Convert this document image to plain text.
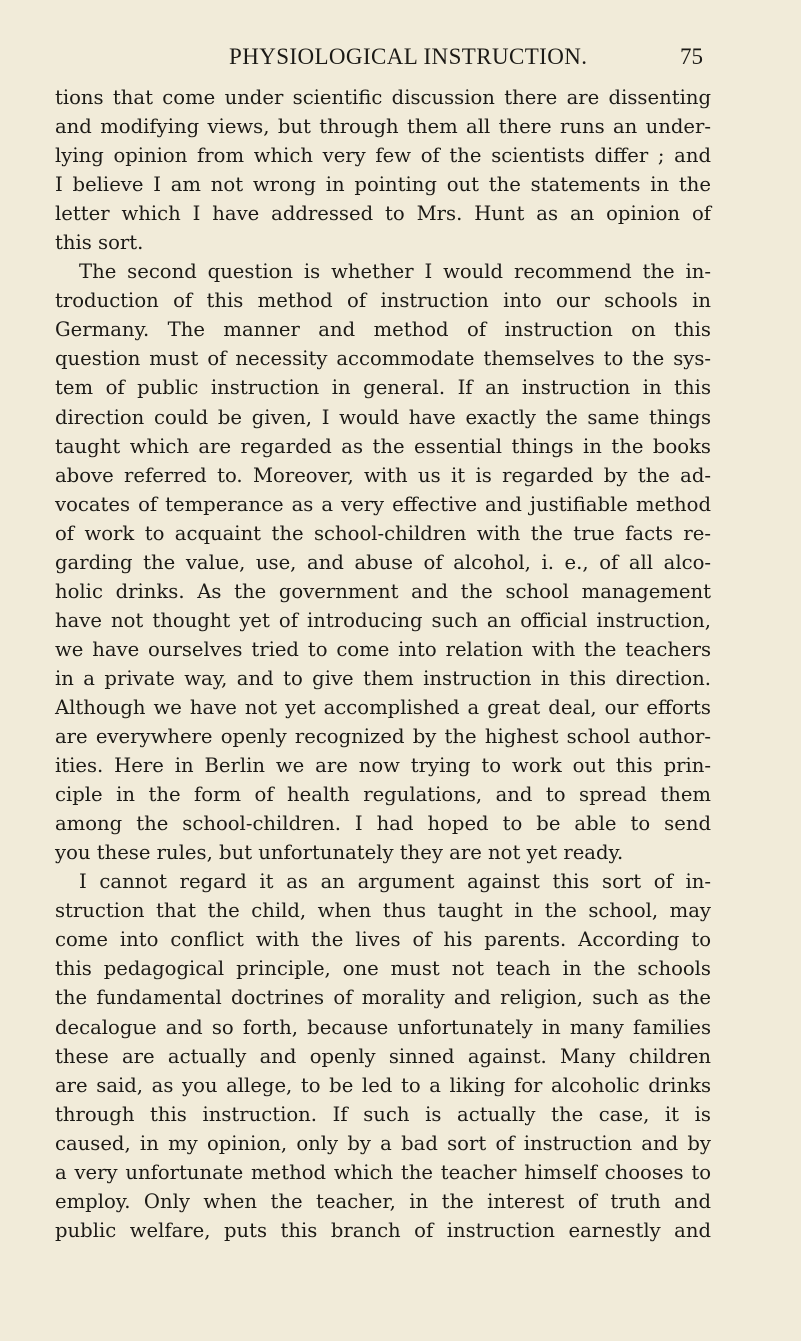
PHYSIOLOGICAL INSTRUCTION.	75
tions that come under scientific discussion there are dissenting
and modifying views, but through them all there runs an under-
lying opinion from which very few of the scientists differ ; and
I believe I am not wrong in pointing out the statements in the
letter which I have addressed to Mrs. Hunt as an opinion of
this sort.
The second question is whether I would recommend the in-
troduction of this method of instruction into our schools in
Germany. The manner and method of instruction on this
question must of necessity accommodate themselves to the sys-
tem of public instruction in general. If an instruction in this
direction could be given, I would have exactly the same things
taught which are regarded as the essential things in the books
above referred to. Moreover, with us it is regarded by the ad-
vocates of temperance as a very effective and justifiable method
of work to acquaint the school-children with the true facts re-
garding the value, use, and abuse of alcohol, i. e., of all alco-
holic drinks. As the government and the school management
have not thought yet of introducing such an official instruction,
we have ourselves tried to come into relation with the teachers
in a private way, and to give them instruction in this direction.
Although we have not yet accomplished a great deal, our efforts
are everywhere openly recognized by the highest school author-
ities. Here in Berlin we are now trying to work out this prin-
ciple in the form of health regulations, and to spread them
among the school-children. I had hoped to be able to send
you these rules, but unfortunately they are not yet ready.
I cannot regard it as an argument against this sort of in-
struction that the child, when thus taught in the school, may
come into conflict with the lives of his parents. According to
this pedagogical principle, one must not teach in the schools
the fundamental doctrines of morality and religion, such as the
decalogue and so forth, because unfortunately in many families
these are actually and openly sinned against. Many children
are said, as you allege, to be led to a liking for alcoholic drinks
through this instruction. If such is actually the case, it is
caused, in my opinion, only by a bad sort of instruction and by
a very unfortunate method which the teacher himself chooses to
employ. Only when the teacher, in the interest of truth and
public welfare, puts this branch of instruction earnestly and
